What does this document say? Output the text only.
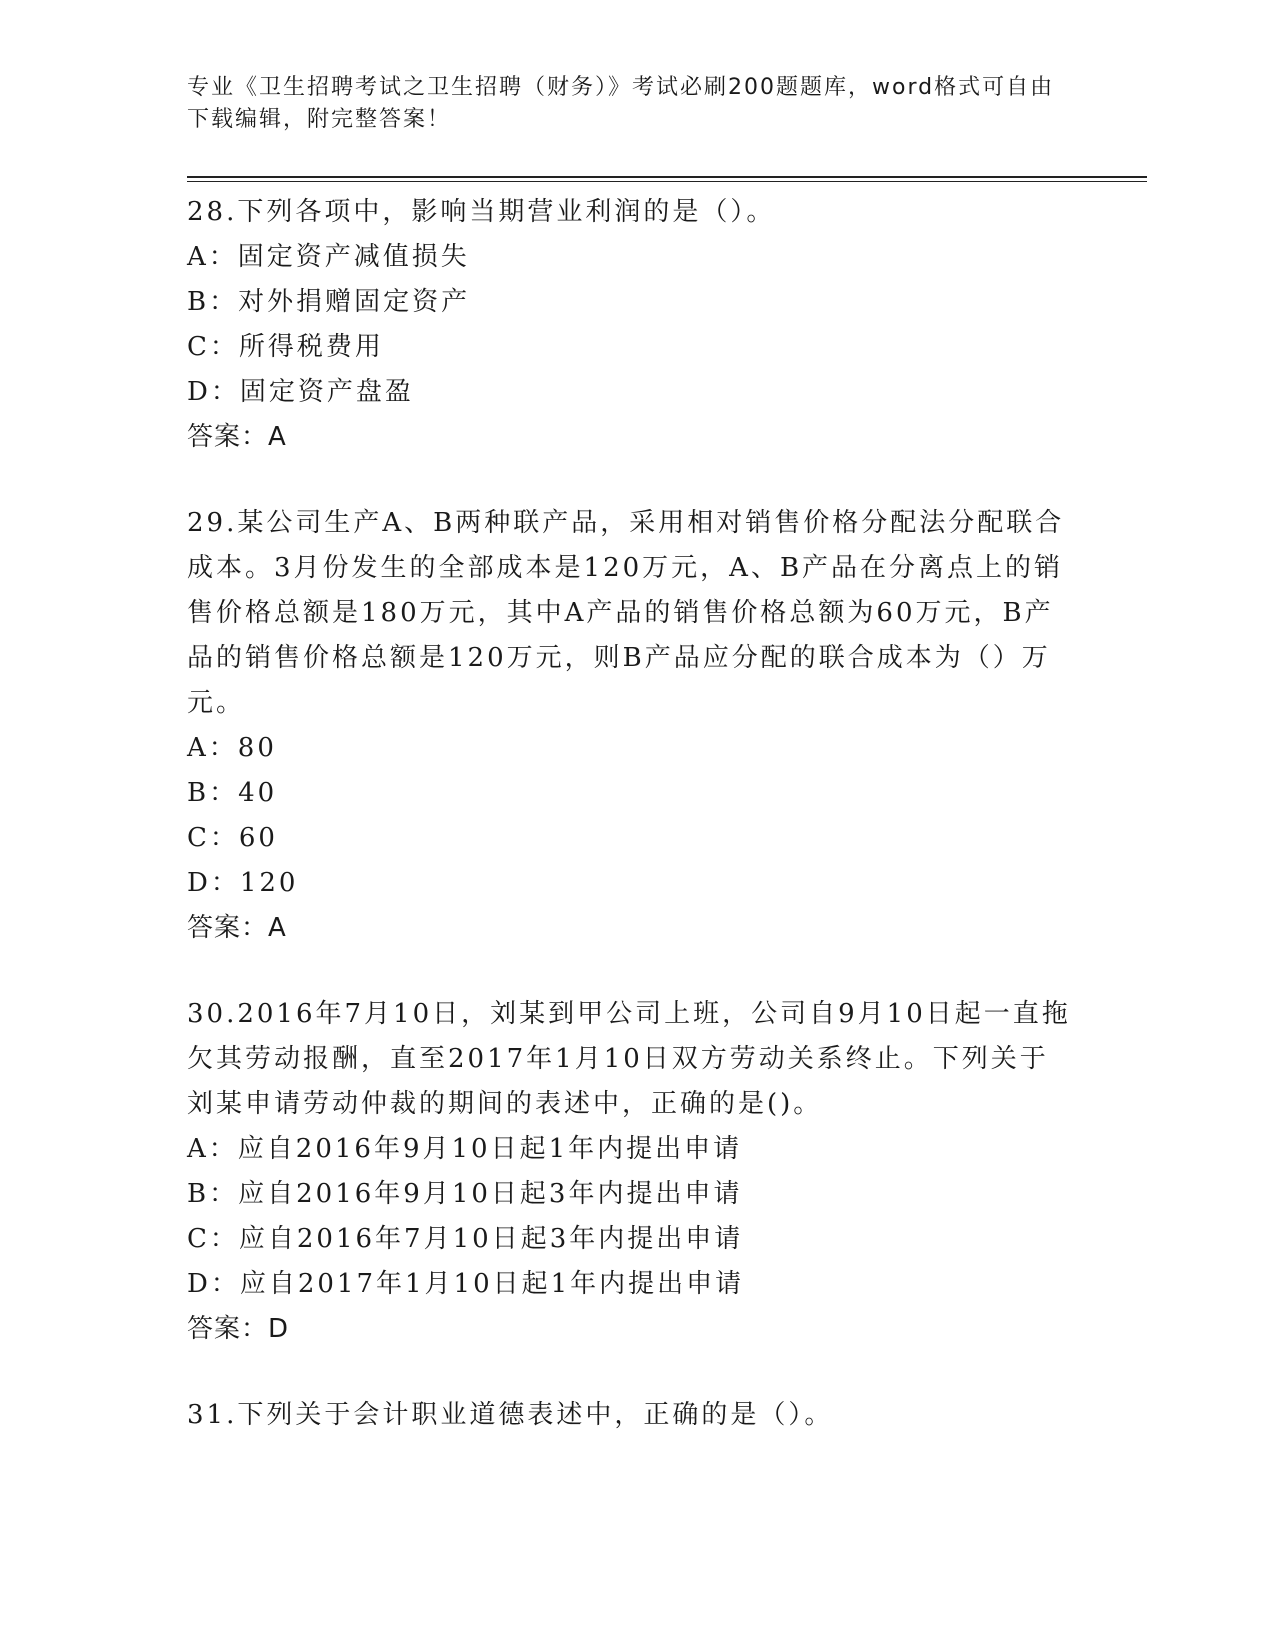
专业《卫生招聘考试之卫生招聘（财务）》考试必刷200题题库，word格式可自由下载编辑，附完整答案！

28.下列各项中，影响当期营业利润的是（）。

A：固定资产减值损失

B：对外捐赠固定资产

C：所得税费用

D：固定资产盘盈

答案：A

29.某公司生产A、B两种联产品，采用相对销售价格分配法分配联合成本。3月份发生的全部成本是120万元，A、B产品在分离点上的销售价格总额是180万元，其中A产品的销售价格总额为60万元，B产品的销售价格总额是120万元，则B产品应分配的联合成本为（）万元。

A：80

B：40

C：60

D：120

答案：A

30.2016年7月10日，刘某到甲公司上班，公司自9月10日起一直拖欠其劳动报酬，直至2017年1月10日双方劳动关系终止。下列关于刘某申请劳动仲裁的期间的表述中，正确的是()。

A：应自2016年9月10日起1年内提出申请

B：应自2016年9月10日起3年内提出申请

C：应自2016年7月10日起3年内提出申请

D：应自2017年1月10日起1年内提出申请

答案：D

31.下列关于会计职业道德表述中，正确的是（）。
